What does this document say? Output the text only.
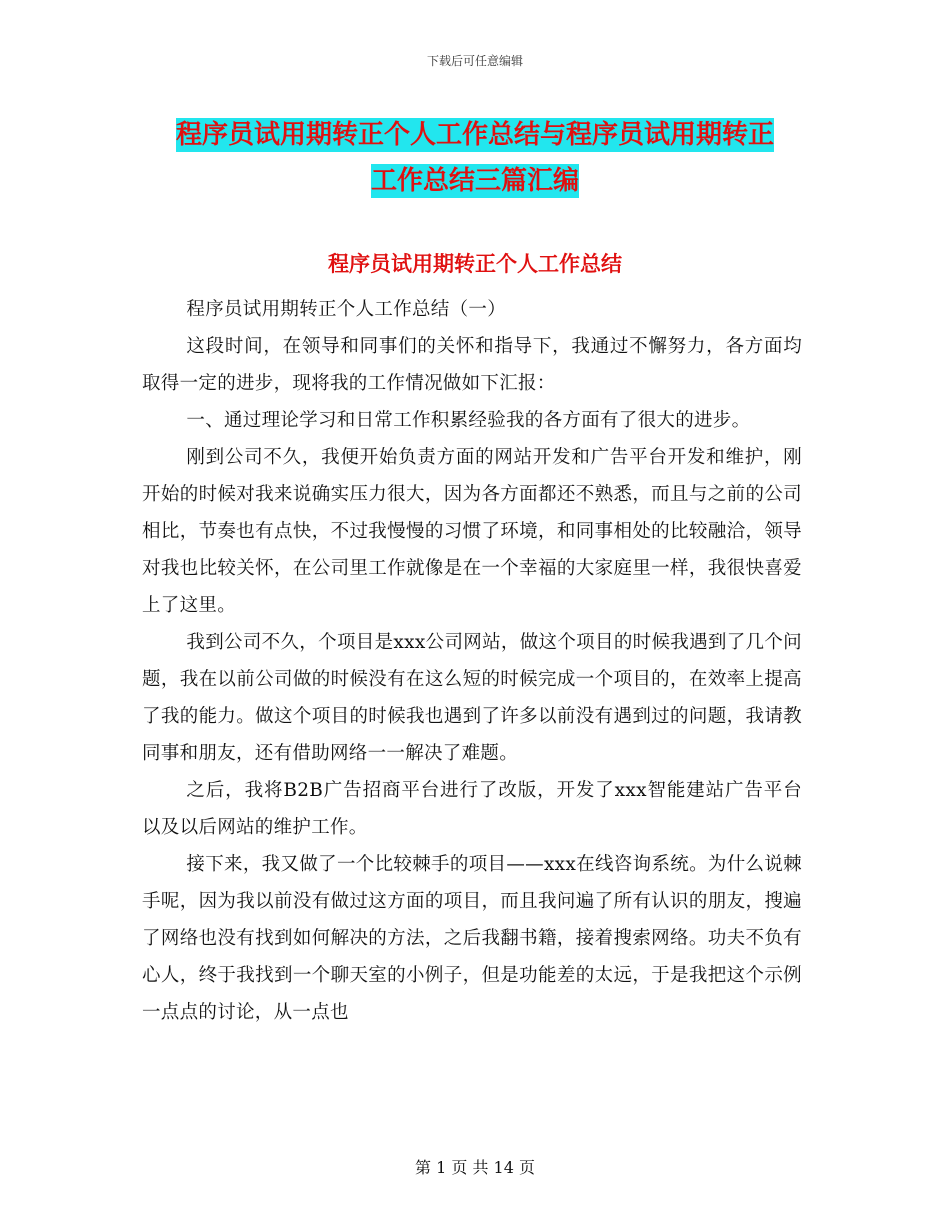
下载后可任意编辑
程序员试用期转正个人工作总结与程序员试用期转正
工作总结三篇汇编
程序员试用期转正个人工作总结

程序员试用期转正个人工作总结（一）

这段时间，在领导和同事们的关怀和指导下，我通过不懈努力，各方面均取得一定的进步，现将我的工作情况做如下汇报：

一、通过理论学习和日常工作积累经验我的各方面有了很大的进步。

刚到公司不久，我便开始负责方面的网站开发和广告平台开发和维护，刚开始的时候对我来说确实压力很大，因为各方面都还不熟悉，而且与之前的公司相比，节奏也有点快，不过我慢慢的习惯了环境，和同事相处的比较融洽，领导对我也比较关怀，在公司里工作就像是在一个幸福的大家庭里一样，我很快喜爱上了这里。

我到公司不久，个项目是xxx公司网站，做这个项目的时候我遇到了几个问题，我在以前公司做的时候没有在这么短的时候完成一个项目的，在效率上提高了我的能力。做这个项目的时候我也遇到了许多以前没有遇到过的问题，我请教同事和朋友，还有借助网络一一解决了难题。

之后，我将B2B广告招商平台进行了改版，开发了xxx智能建站广告平台以及以后网站的维护工作。

接下来，我又做了一个比较棘手的项目——xxx在线咨询系统。为什么说棘手呢，因为我以前没有做过这方面的项目，而且我问遍了所有认识的朋友，搜遍了网络也没有找到如何解决的方法，之后我翻书籍，接着搜索网络。功夫不负有心人，终于我找到一个聊天室的小例子，但是功能差的太远，于是我把这个示例一点点的讨论，从一点也

第 1 页 共 14 页
